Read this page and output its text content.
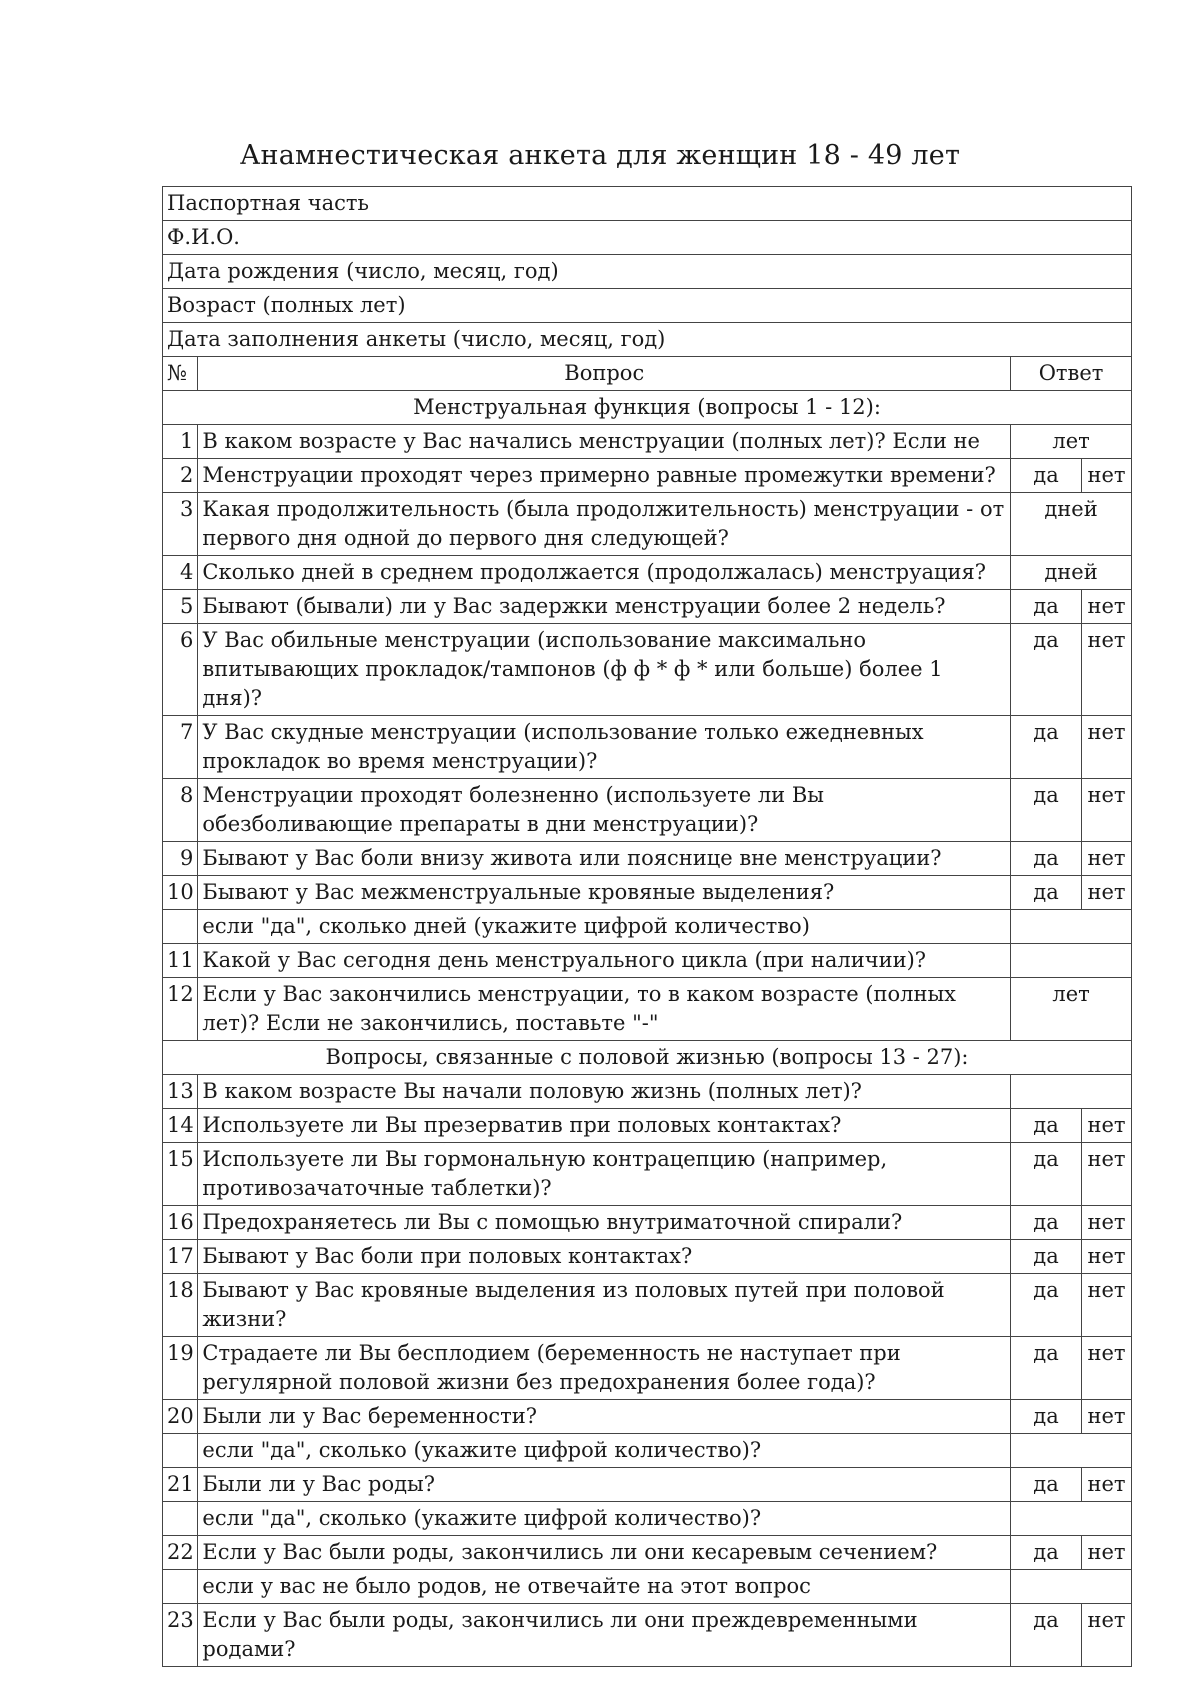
Анамнестическая анкета для женщин 18 - 49 лет
Паспортная часть			
Ф.И.О.			
Дата рождения (число, месяц, год)			
Возраст (полных лет)			
Дата заполнения анкеты (число, месяц, год)			
№	Вопрос	Ответ	
Менструальная функция (вопросы 1 - 12):			
1	В каком возрасте у Вас начались менструации (полных лет)? Если не	лет	
2	Менструации проходят через примерно равные промежутки времени?	да	нет
3	Какая продолжительность (была продолжительность) менструации - от первого дня одной до первого дня следующей?	дней	
4	Сколько дней в среднем продолжается (продолжалась) менструация?	дней	
5	Бывают (бывали) ли у Вас задержки менструации более 2 недель?	да	нет
6	У Вас обильные менструации (использование максимально впитывающих прокладок/тампонов (ф ф * ф * или больше) более 1 дня)?	да	нет
7	У Вас скудные менструации (использование только ежедневных прокладок во время менструации)?	да	нет
8	Менструации проходят болезненно (используете ли Вы обезболивающие препараты в дни менструации)?	да	нет
9	Бывают у Вас боли внизу живота или пояснице вне менструации?	да	нет
10	Бывают у Вас межменструальные кровяные выделения?	да	нет
	если "да", сколько дней (укажите цифрой количество)		
11	Какой у Вас сегодня день менструального цикла (при наличии)?		
12	Если у Вас закончились менструации, то в каком возрасте (полных лет)? Если не закончились, поставьте "-"	лет	
Вопросы, связанные с половой жизнью (вопросы 13 - 27):			
13	В каком возрасте Вы начали половую жизнь (полных лет)?		
14	Используете ли Вы презерватив при половых контактах?	да	нет
15	Используете ли Вы гормональную контрацепцию (например, противозачаточные таблетки)?	да	нет
16	Предохраняетесь ли Вы с помощью внутриматочной спирали?	да	нет
17	Бывают у Вас боли при половых контактах?	да	нет
18	Бывают у Вас кровяные выделения из половых путей при половой жизни?	да	нет
19	Страдаете ли Вы бесплодием (беременность не наступает при регулярной половой жизни без предохранения более года)?	да	нет
20	Были ли у Вас беременности?	да	нет
	если "да", сколько (укажите цифрой количество)?		
21	Были ли у Вас роды?	да	нет
	если "да", сколько (укажите цифрой количество)?		
22	Если у Вас были роды, закончились ли они кесаревым сечением?	да	нет
	если у вас не было родов, не отвечайте на этот вопрос		
23	Если у Вас были роды, закончились ли они преждевременными родами?	да	нет
